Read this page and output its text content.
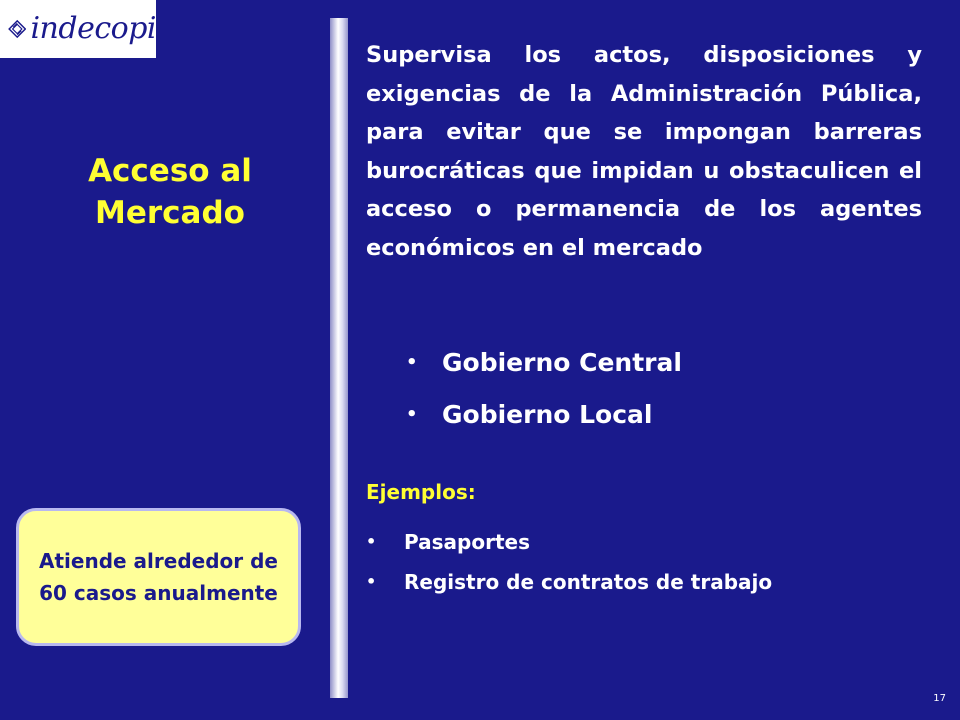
indecopi
Acceso al Mercado
Supervisa los actos, disposiciones y exigencias de la Administración Pública, para evitar que se impongan barreras burocráticas que impidan u obstaculicen el acceso o permanencia de los agentes económicos en el mercado
• Gobierno Central
• Gobierno Local
Ejemplos:
•	Pasaportes
•	Registro de contratos de trabajo
Atiende alrededor de 60 casos anualmente
17
